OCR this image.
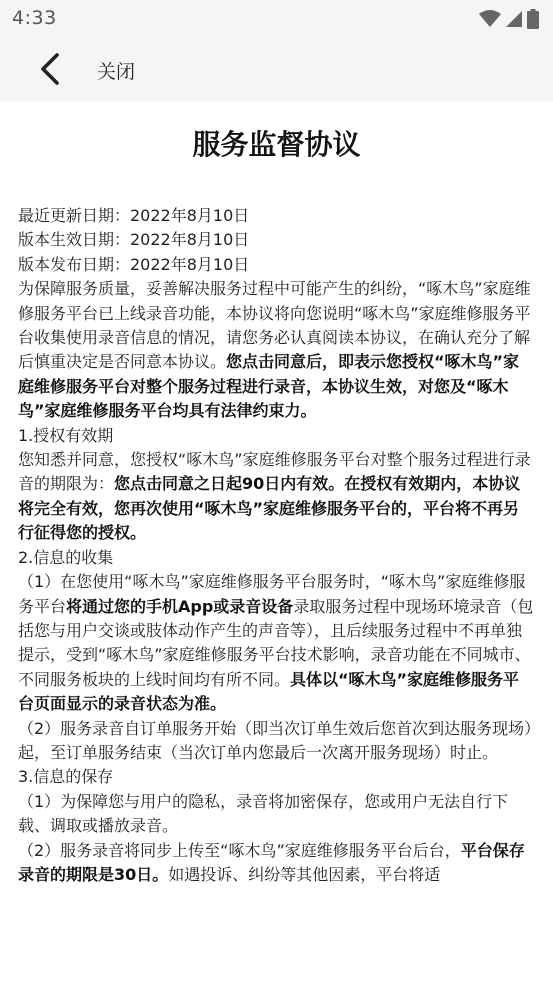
4:33
关闭
服务监督协议

最近更新日期：2022年8月10日

版本生效日期：2022年8月10日

版本发布日期：2022年8月10日

为保障服务质量，妥善解决服务过程中可能产生的纠纷，“啄木鸟”家庭维修服务平台已上线录音功能，本协议将向您说明“啄木鸟”家庭维修服务平台收集使用录音信息的情况，请您务必认真阅读本协议，在确认充分了解后慎重决定是否同意本协议。您点击同意后，即表示您授权“啄木鸟”家庭维修服务平台对整个服务过程进行录音，本协议生效，对您及“啄木鸟”家庭维修服务平台均具有法律约束力。

1.授权有效期

您知悉并同意，您授权“啄木鸟”家庭维修服务平台对整个服务过程进行录音的期限为：您点击同意之日起90日内有效。在授权有效期内，本协议将完全有效，您再次使用“啄木鸟”家庭维修服务平台的，平台将不再另行征得您的授权。

2.信息的收集

（1）在您使用“啄木鸟”家庭维修服务平台服务时，“啄木鸟”家庭维修服务平台将通过您的手机App或录音设备录取服务过程中现场环境录音（包括您与用户交谈或肢体动作产生的声音等），且后续服务过程中不再单独提示，受到“啄木鸟”家庭维修服务平台技术影响，录音功能在不同城市、不同服务板块的上线时间均有所不同。具体以“啄木鸟”家庭维修服务平台页面显示的录音状态为准。

（2）服务录音自订单服务开始（即当次订单生效后您首次到达服务现场）起，至订单服务结束（当次订单内您最后一次离开服务现场）时止。

3.信息的保存

（1）为保障您与用户的隐私，录音将加密保存，您或用户无法自行下载、调取或播放录音。

（2）服务录音将同步上传至“啄木鸟”家庭维修服务平台后台，平台保存录音的期限是30日。如遇投诉、纠纷等其他因素，平台将适
